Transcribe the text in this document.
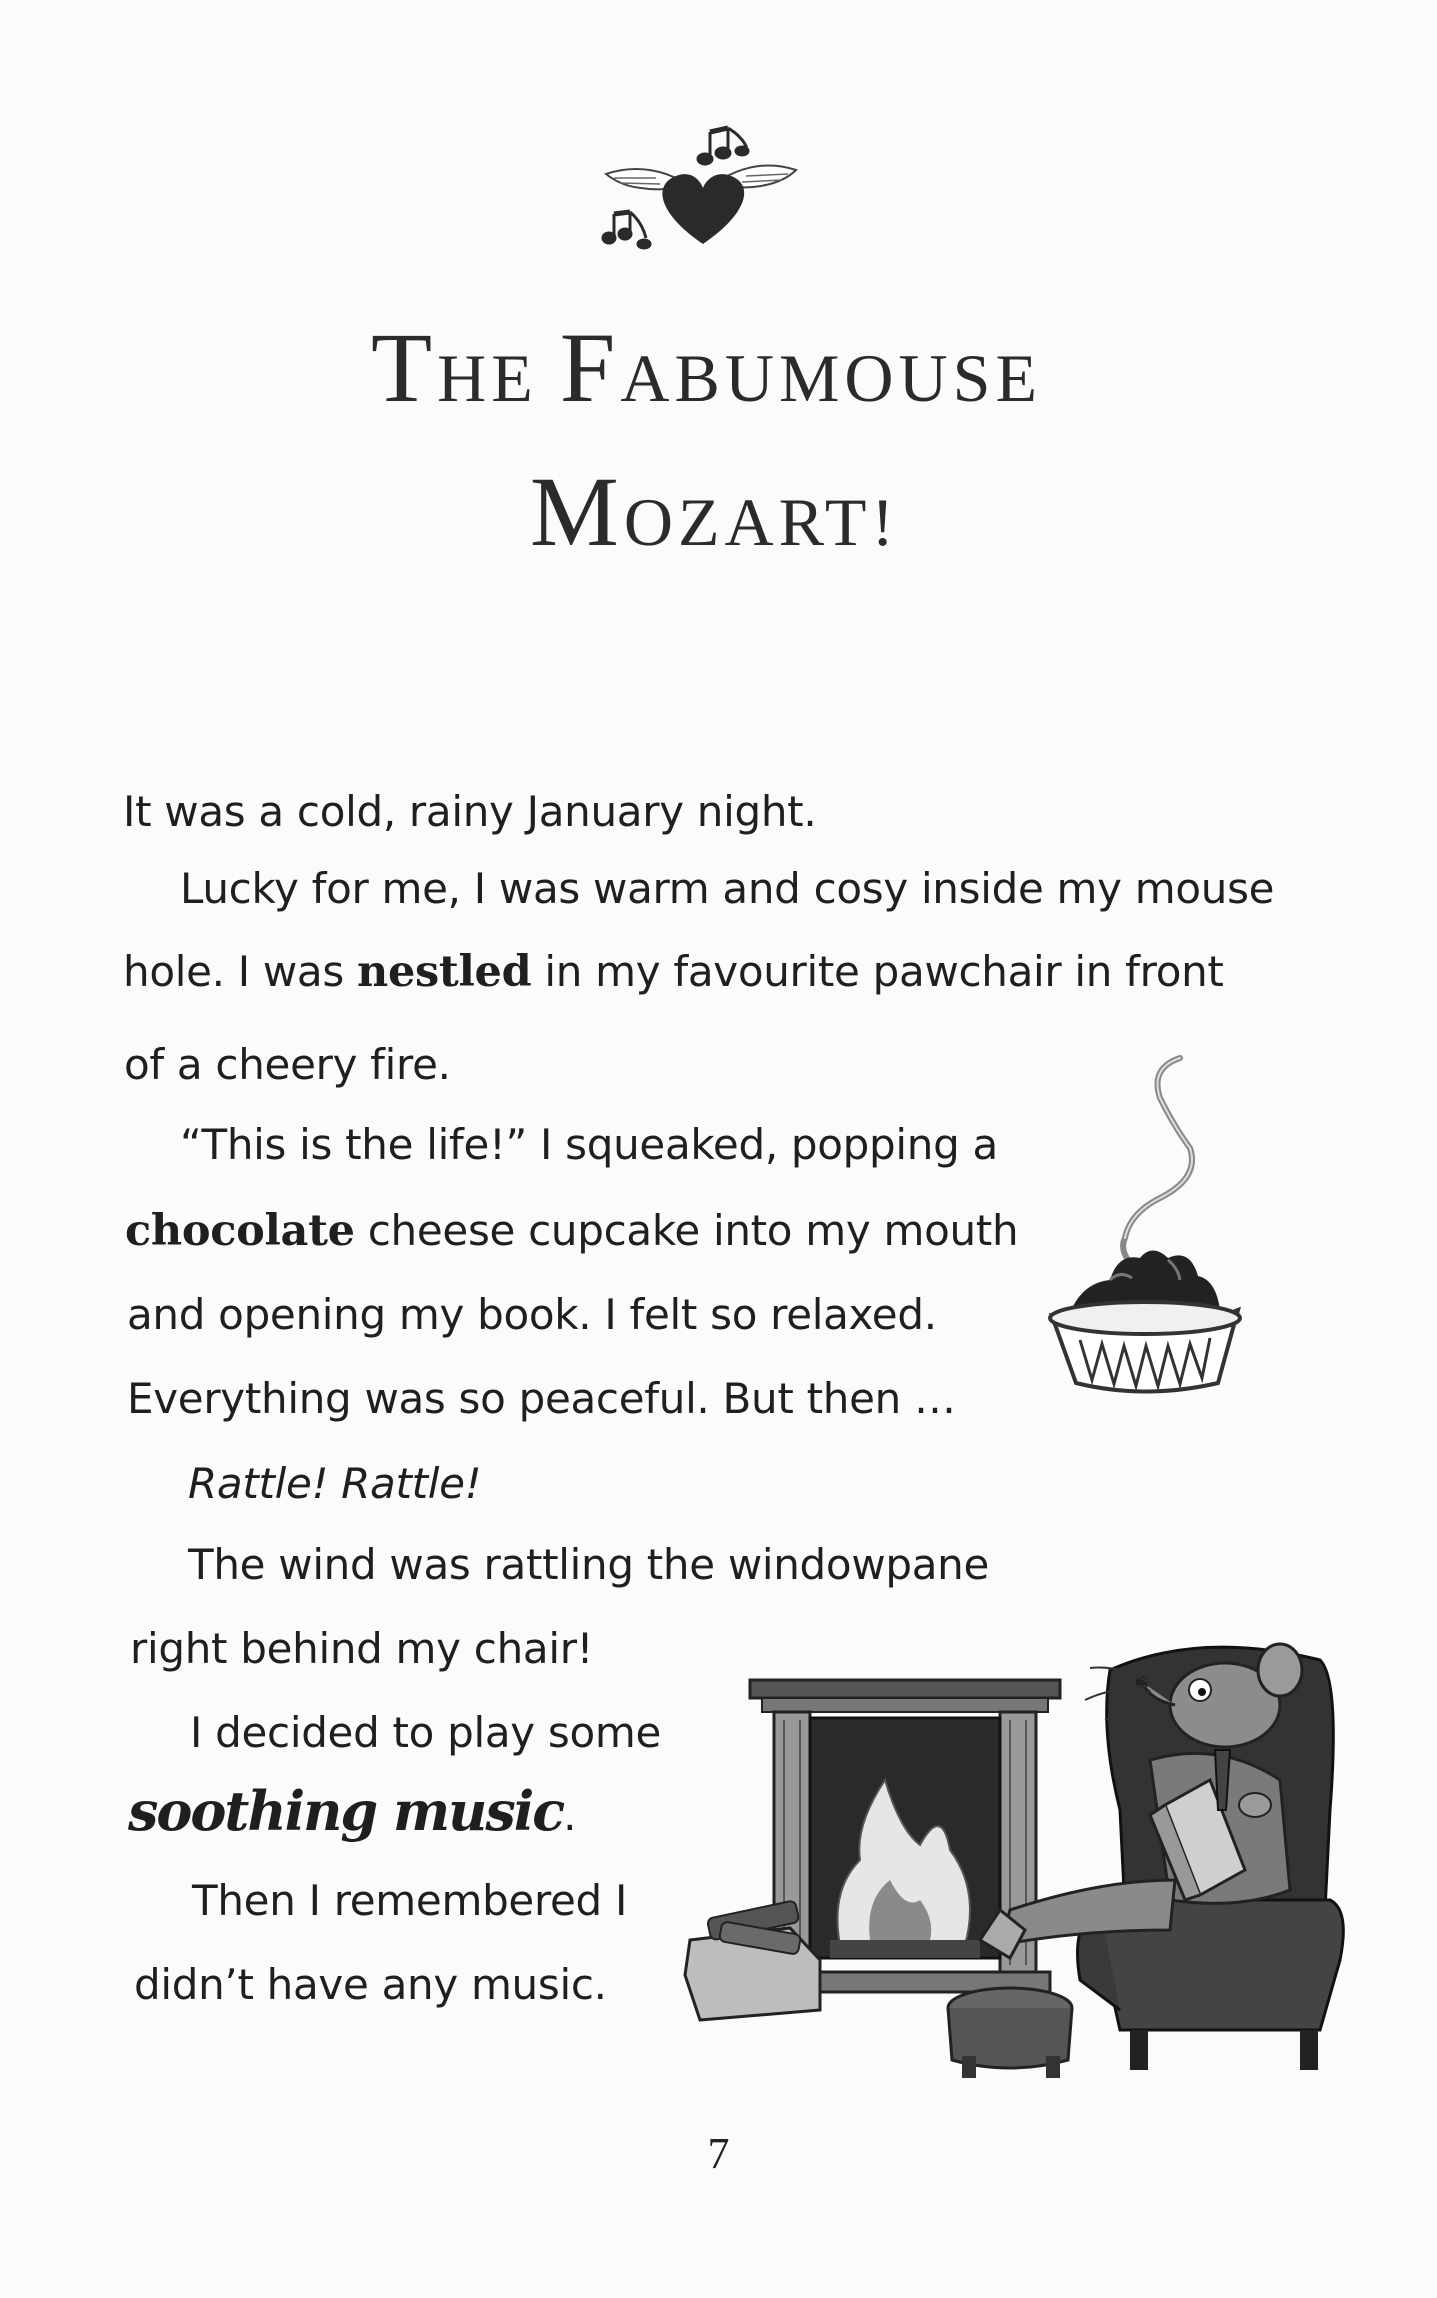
THE FABUMOUSE
MOZART!
It was a cold, rainy January night.
Lucky for me, I was warm and cosy inside my mouse
hole. I was nestled in my favourite pawchair in front
of a cheery fire.
“This is the life!” I squeaked, popping a
chocolate cheese cupcake into my mouth
and opening my book. I felt so relaxed.
Everything was so peaceful. But then …
Rattle! Rattle!
The wind was rattling the windowpane
right behind my chair!
I decided to play some
soothing music.
Then I remembered I
didn’t have any music.
7
